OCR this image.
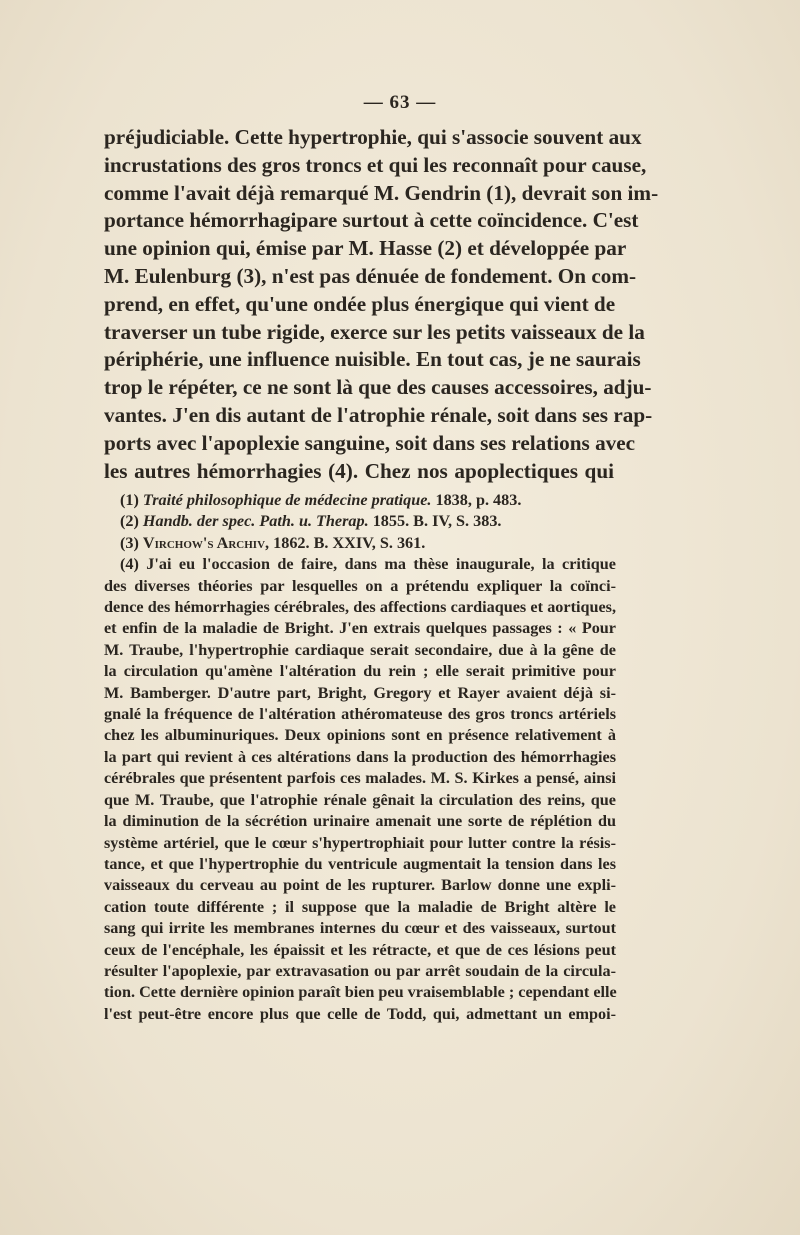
— 63 —
préjudiciable. Cette hypertrophie, qui s'associe souvent aux
incrustations des gros troncs et qui les reconnaît pour cause,
comme l'avait déjà remarqué M. Gendrin (1), devrait son im-
portance hémorrhagipare surtout à cette coïncidence. C'est
une opinion qui, émise par M. Hasse (2) et développée par
M. Eulenburg (3), n'est pas dénuée de fondement. On com-
prend, en effet, qu'une ondée plus énergique qui vient de
traverser un tube rigide, exerce sur les petits vaisseaux de la
périphérie, une influence nuisible. En tout cas, je ne saurais
trop le répéter, ce ne sont là que des causes accessoires, adju-
vantes. J'en dis autant de l'atrophie rénale, soit dans ses rap-
ports avec l'apoplexie sanguine, soit dans ses relations avec
les autres hémorrhagies (4). Chez nos apoplectiques qui
(1) Traité philosophique de médecine pratique. 1838, p. 483.
(2) Handb. der spec. Path. u. Therap. 1855. B. IV, S. 383.
(3) Virchow's Archiv, 1862. B. XXIV, S. 361.
(4) J'ai eu l'occasion de faire, dans ma thèse inaugurale, la critique
des diverses théories par lesquelles on a prétendu expliquer la coïnci-
dence des hémorrhagies cérébrales, des affections cardiaques et aortiques,
et enfin de la maladie de Bright. J'en extrais quelques passages : « Pour
M. Traube, l'hypertrophie cardiaque serait secondaire, due à la gêne de
la circulation qu'amène l'altération du rein ; elle serait primitive pour
M. Bamberger. D'autre part, Bright, Gregory et Rayer avaient déjà si-
gnalé la fréquence de l'altération athéromateuse des gros troncs artériels
chez les albuminuriques. Deux opinions sont en présence relativement à
la part qui revient à ces altérations dans la production des hémorrhagies
cérébrales que présentent parfois ces malades. M. S. Kirkes a pensé, ainsi
que M. Traube, que l'atrophie rénale gênait la circulation des reins, que
la diminution de la sécrétion urinaire amenait une sorte de réplétion du
système artériel, que le cœur s'hypertrophiait pour lutter contre la résis-
tance, et que l'hypertrophie du ventricule augmentait la tension dans les
vaisseaux du cerveau au point de les rupturer. Barlow donne une expli-
cation toute différente ; il suppose que la maladie de Bright altère le
sang qui irrite les membranes internes du cœur et des vaisseaux, surtout
ceux de l'encéphale, les épaissit et les rétracte, et que de ces lésions peut
résulter l'apoplexie, par extravasation ou par arrêt soudain de la circula-
tion. Cette dernière opinion paraît bien peu vraisemblable ; cependant elle
l'est peut-être encore plus que celle de Todd, qui, admettant un empoi-
